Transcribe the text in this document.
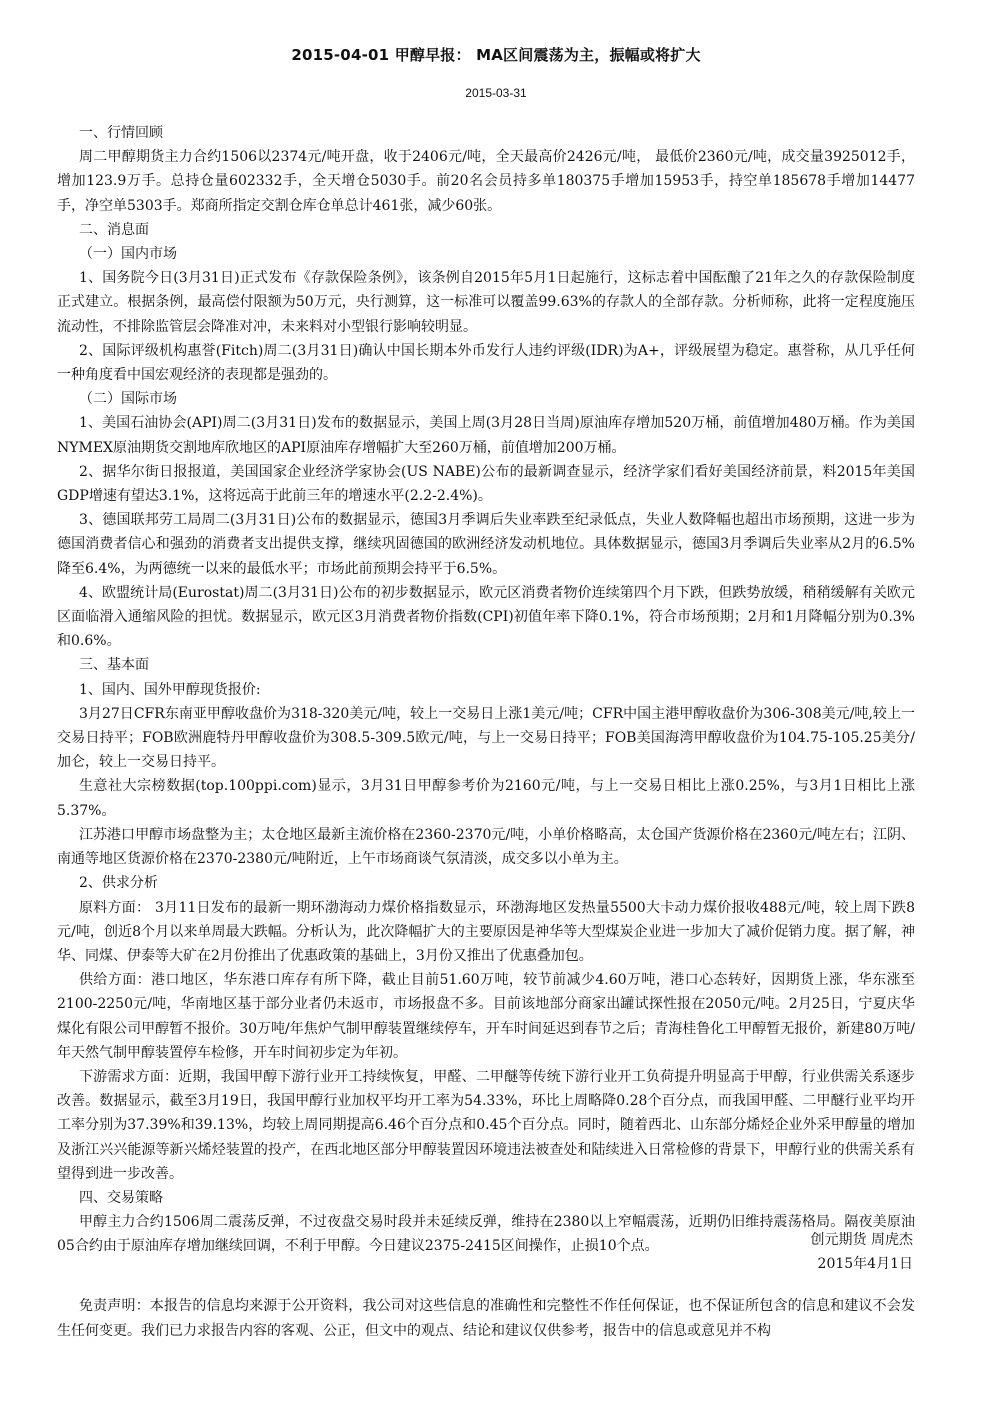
2015-04-01 甲醇早报： MA区间震荡为主，振幅或将扩大
2015-03-31

一、行情回顾

周二甲醇期货主力合约1506以2374元/吨开盘，收于2406元/吨，全天最高价2426元/吨， 最低价2360元/吨，成交量3925012手，增加123.9万手。总持仓量602332手，全天增仓5030手。前20名会员持多单180375手增加15953手，持空单185678手增加14477手，净空单5303手。郑商所指定交割仓库仓单总计461张，减少60张。

二、消息面

（一）国内市场

1、国务院今日(3月31日)正式发布《存款保险条例》，该条例自2015年5月1日起施行，这标志着中国酝酿了21年之久的存款保险制度正式建立。根据条例，最高偿付限额为50万元，央行测算，这一标准可以覆盖99.63%的存款人的全部存款。分析师称，此将一定程度施压流动性，不排除监管层会降准对冲，未来料对小型银行影响较明显。

2、国际评级机构惠誉(Fitch)周二(3月31日)确认中国长期本外币发行人违约评级(IDR)为A+，评级展望为稳定。惠誉称，从几乎任何一种角度看中国宏观经济的表现都是强劲的。

（二）国际市场

1、美国石油协会(API)周二(3月31日)发布的数据显示，美国上周(3月28日当周)原油库存增加520万桶，前值增加480万桶。作为美国NYMEX原油期货交割地库欣地区的API原油库存增幅扩大至260万桶，前值增加200万桶。

2、据华尔街日报报道，美国国家企业经济学家协会(US NABE)公布的最新调查显示，经济学家们看好美国经济前景，料2015年美国GDP增速有望达3.1%，这将远高于此前三年的增速水平(2.2-2.4%)。

3、德国联邦劳工局周二(3月31日)公布的数据显示，德国3月季调后失业率跌至纪录低点，失业人数降幅也超出市场预期，这进一步为德国消费者信心和强劲的消费者支出提供支撑，继续巩固德国的欧洲经济发动机地位。具体数据显示，德国3月季调后失业率从2月的6.5%降至6.4%，为两德统一以来的最低水平；市场此前预期会持平于6.5%。

4、欧盟统计局(Eurostat)周二(3月31日)公布的初步数据显示，欧元区消费者物价连续第四个月下跌，但跌势放缓，稍稍缓解有关欧元区面临滑入通缩风险的担忧。数据显示，欧元区3月消费者物价指数(CPI)初值年率下降0.1%，符合市场预期；2月和1月降幅分别为0.3%和0.6%。

三、基本面

1、国内、国外甲醇现货报价:

3月27日CFR东南亚甲醇收盘价为318-320美元/吨，较上一交易日上涨1美元/吨；CFR中国主港甲醇收盘价为306-308美元/吨,较上一交易日持平；FOB欧洲鹿特丹甲醇收盘价为308.5-309.5欧元/吨，与上一交易日持平；FOB美国海湾甲醇收盘价为104.75-105.25美分/加仑，较上一交易日持平。

生意社大宗榜数据(top.100ppi.com)显示，3月31日甲醇参考价为2160元/吨，与上一交易日相比上涨0.25%，与3月1日相比上涨5.37%。

江苏港口甲醇市场盘整为主；太仓地区最新主流价格在2360-2370元/吨，小单价格略高，太仓国产货源价格在2360元/吨左右；江阴、南通等地区货源价格在2370-2380元/吨附近，上午市场商谈气氛清淡，成交多以小单为主。

2、供求分析

原料方面： 3月11日发布的最新一期环渤海动力煤价格指数显示，环渤海地区发热量5500大卡动力煤价报收488元/吨，较上周下跌8元/吨，创近8个月以来单周最大跌幅。分析认为，此次降幅扩大的主要原因是神华等大型煤炭企业进一步加大了减价促销力度。据了解，神华、同煤、伊泰等大矿在2月份推出了优惠政策的基础上，3月份又推出了优惠叠加包。

供给方面：港口地区，华东港口库存有所下降，截止目前51.60万吨，较节前减少4.60万吨，港口心态转好，因期货上涨，华东涨至2100-2250元/吨，华南地区基于部分业者仍未返市，市场报盘不多。目前该地部分商家出罐试探性报在2050元/吨。2月25日，宁夏庆华煤化有限公司甲醇暂不报价。30万吨/年焦炉气制甲醇装置继续停车，开车时间延迟到春节之后；青海桂鲁化工甲醇暂无报价，新建80万吨/年天然气制甲醇装置停车检修，开车时间初步定为年初。

下游需求方面：近期，我国甲醇下游行业开工持续恢复，甲醛、二甲醚等传统下游行业开工负荷提升明显高于甲醇，行业供需关系逐步改善。数据显示，截至3月19日，我国甲醇行业加权平均开工率为54.33%，环比上周略降0.28个百分点，而我国甲醛、二甲醚行业平均开工率分别为37.39%和39.13%，均较上周同期提高6.46个百分点和0.45个百分点。同时，随着西北、山东部分烯烃企业外采甲醇量的增加及浙江兴兴能源等新兴烯烃装置的投产，在西北地区部分甲醇装置因环境违法被查处和陆续进入日常检修的背景下，甲醇行业的供需关系有望得到进一步改善。

四、交易策略

甲醇主力合约1506周二震荡反弹，不过夜盘交易时段并未延续反弹，维持在2380以上窄幅震荡，近期仍旧维持震荡格局。隔夜美原油05合约由于原油库存增加继续回调，不利于甲醇。今日建议2375-2415区间操作，止损10个点。	创元期货 周虎杰
2015年4月1日

免责声明：本报告的信息均来源于公开资料，我公司对这些信息的准确性和完整性不作任何保证，也不保证所包含的信息和建议不会发生任何变更。我们已力求报告内容的客观、公正，但文中的观点、结论和建议仅供参考，报告中的信息或意见并不构
